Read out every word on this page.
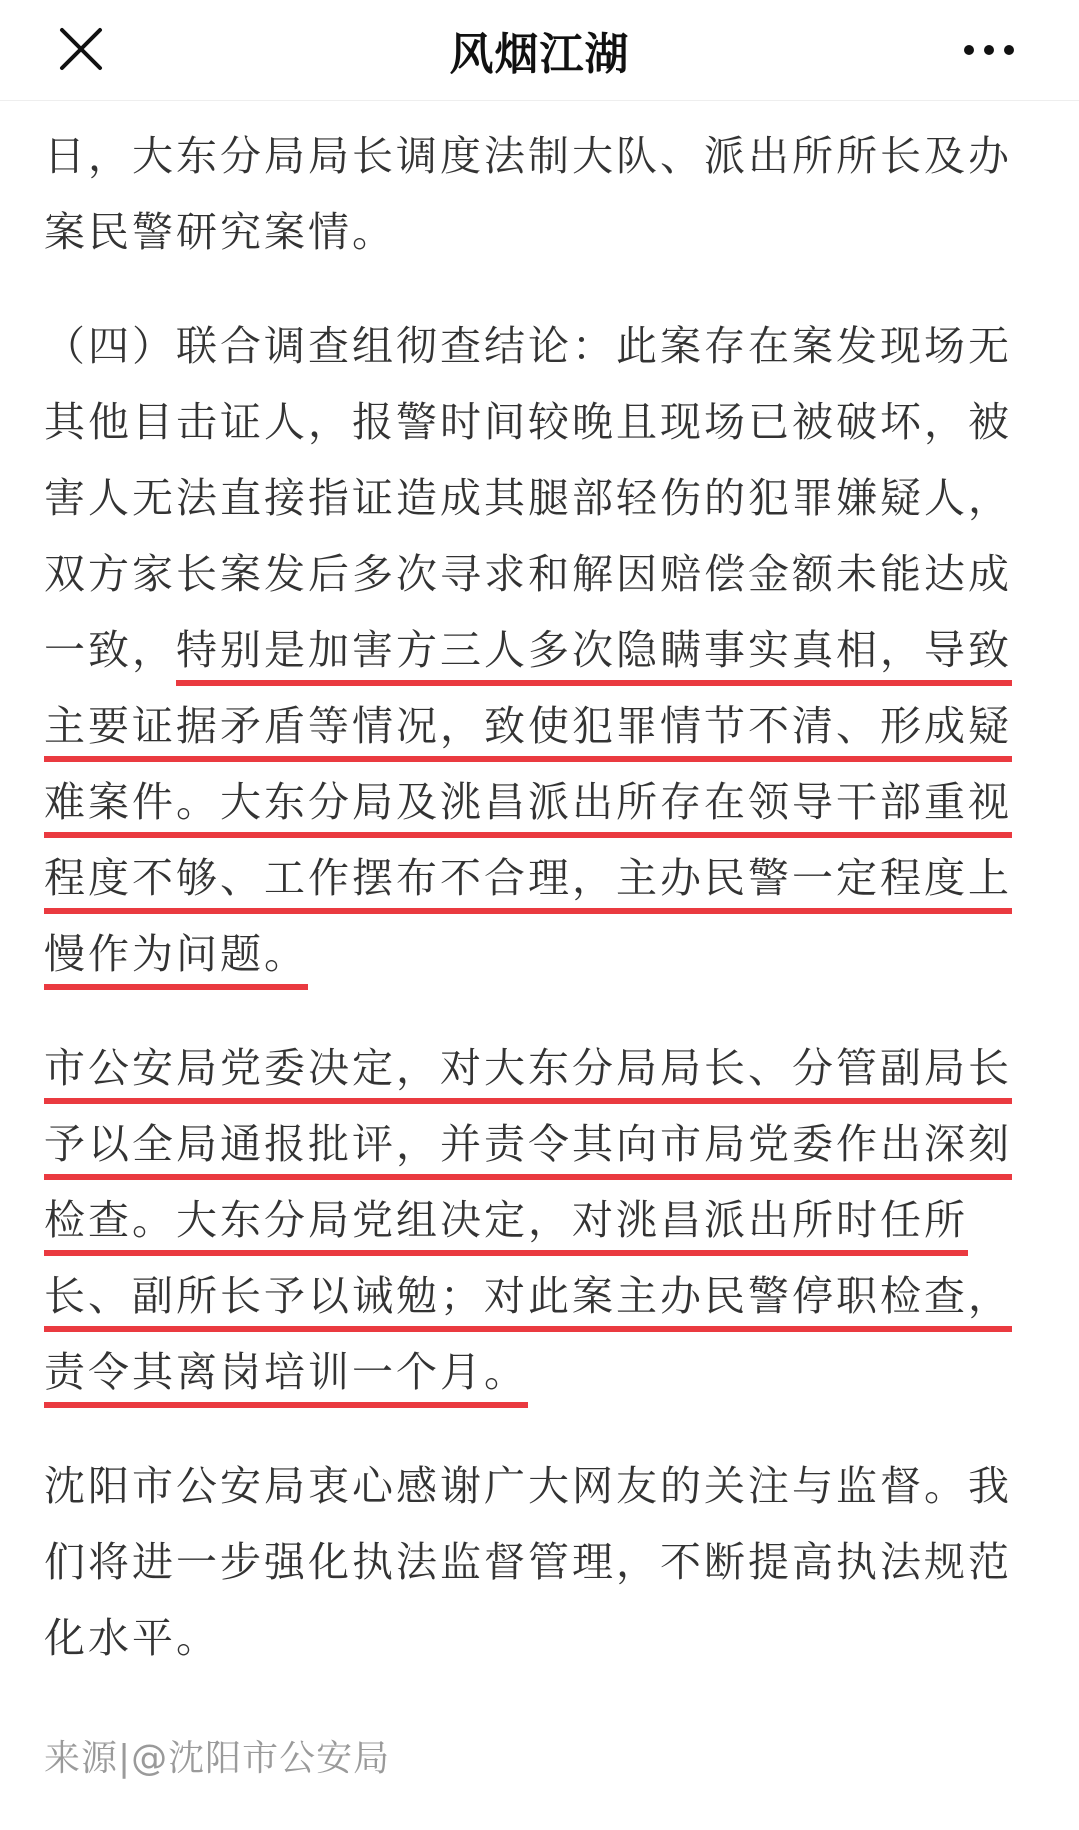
风烟江湖

日，大东分局局长调度法制大队、派出所所长及办案民警研究案情。

（四）联合调查组彻查结论：此案存在案发现场无其他目击证人，报警时间较晚且现场已被破坏，被害人无法直接指证造成其腿部轻伤的犯罪嫌疑人，双方家长案发后多次寻求和解因赔偿金额未能达成一致，特别是加害方三人多次隐瞒事实真相，导致主要证据矛盾等情况，致使犯罪情节不清、形成疑难案件。大东分局及洮昌派出所存在领导干部重视程度不够、工作摆布不合理，主办民警一定程度上慢作为问题。

市公安局党委决定，对大东分局局长、分管副局长予以全局通报批评，并责令其向市局党委作出深刻检查。大东分局党组决定，对洮昌派出所时任所长、副所长予以诫勉；对此案主办民警停职检查，责令其离岗培训一个月。

沈阳市公安局衷心感谢广大网友的关注与监督。我们将进一步强化执法监督管理，不断提高执法规范化水平。

来源|@沈阳市公安局
